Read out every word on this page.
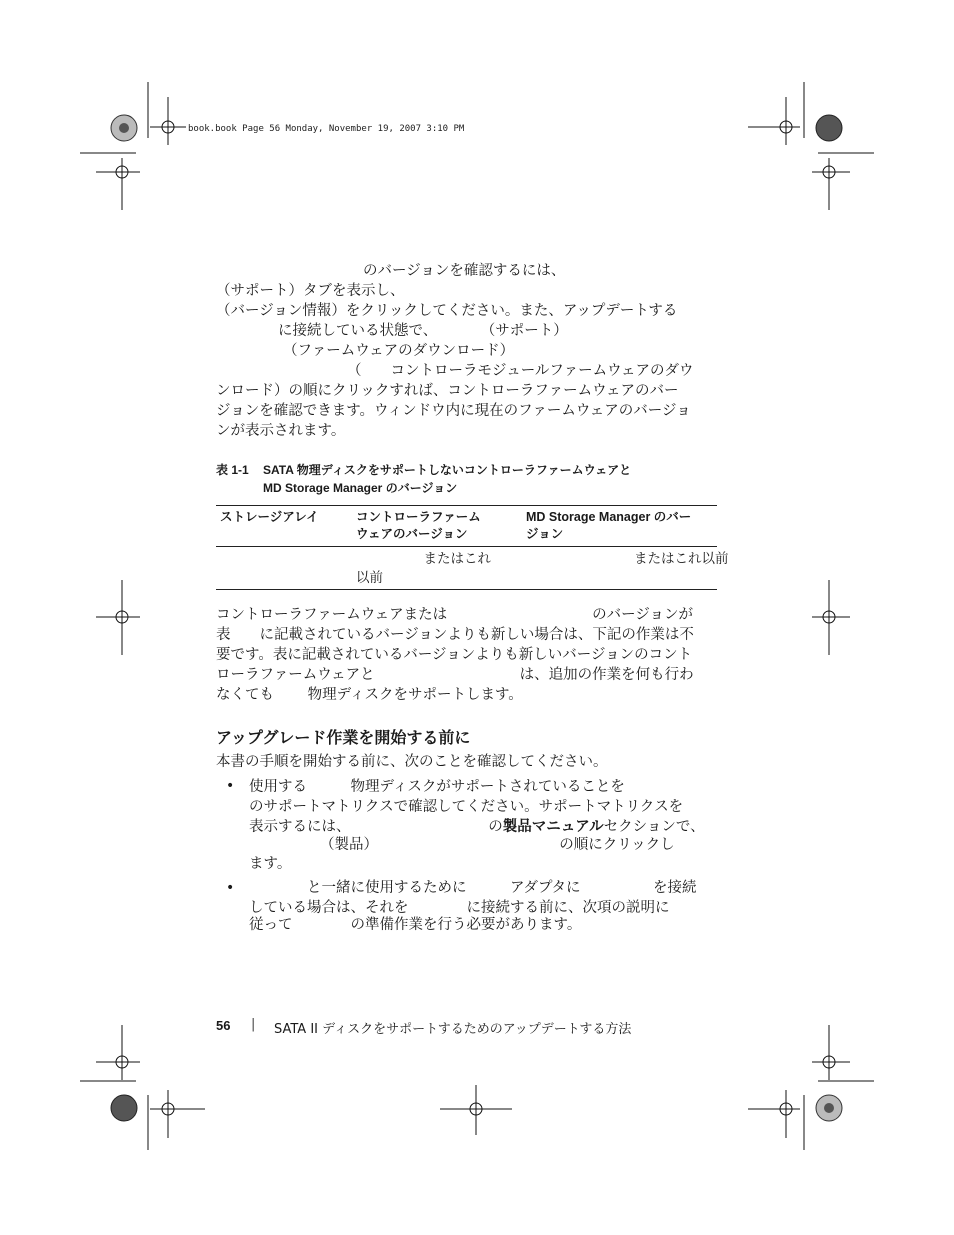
book.book Page 56 Monday, November 19, 2007 3:10 PM
のバージョンを確認するには、
（サポート）タブを表示し、
（バージョン情報）をクリックしてください。また、アップデートする
に接続している状態で、　　　　（サポート）
（ファームウェアのダウンロード）
（　　コントローラモジュールファームウェアのダウ
ンロード）の順にクリックすれば、コントローラファームウェアのバー
ジョンを確認できます。ウィンドウ内に現在のファームウェアのバージョ
ンが表示されます。
表 1-1 SATA 物理ディスクをサポートしないコントローラファームウェアと
MD Storage Manager のバージョン
ストレージアレイ	コントローラファーム
ウェアのバージョン
MD Storage Manager のバー
ジョン
　　　　　またはこれ
以前
　　　　　　　　またはこれ以前
コントローラファームウェアまたは　　　　　　　　　　のバージョンが
表　　に記載されているバージョンよりも新しい場合は、下記の作業は不
要です。表に記載されているバージョンよりも新しいバージョンのコント
ローラファームウェアと　　　　　　　　　　は、追加の作業を何も行わ
なくても　　 物理ディスクをサポートします。
アップグレード作業を開始する前に
本書の手順を開始する前に、次のことを確認してください。
• 使用する　　　物理ディスクがサポートされていることを
のサポートマトリクスで確認してください。サポートマトリクスを
表示するには、　　　　　　　　　　の製品マニュアルセクションで、
（製品）　　　　　　　　　　　　　の順にクリックし
ます。
• 　　　　と一緒に使用するために　　　アダプタに　　　　　を接続
している場合は、それを　　　　に接続する前に、次項の説明に
従って　　　　の準備作業を行う必要があります。
56 | SATA II ディスクをサポートするためのアップデートする方法
